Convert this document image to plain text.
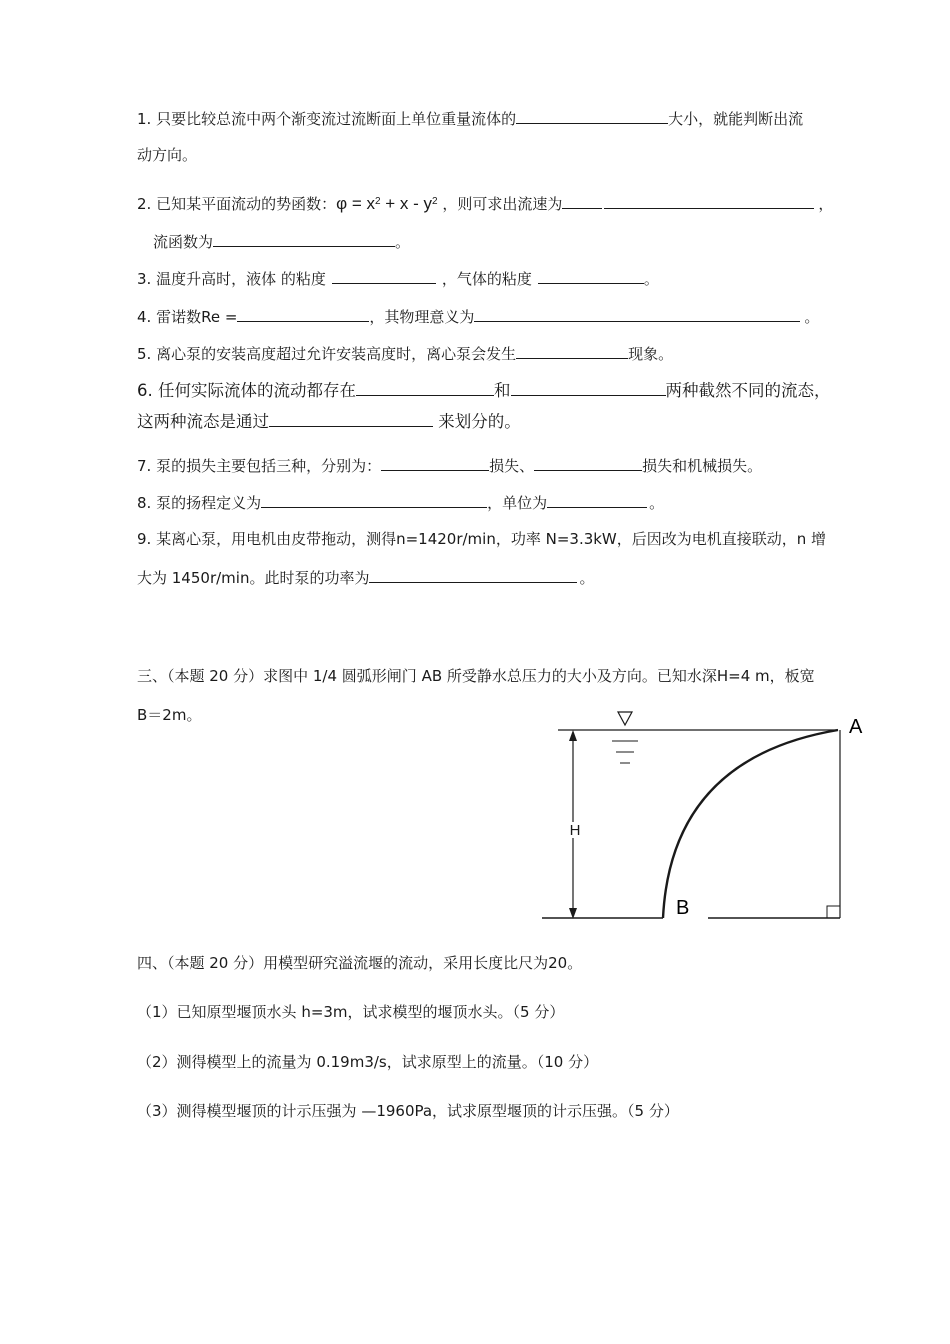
1. 只要比较总流中两个渐变流过流断面上单位重量流体的	大小，就能判断出流
动方向。
2. 已知某平面流动的势函数：$\varphi = x^2 + x - y^2$ ，则可求出流速为	，
流函数为	。
3. 温度升高时，液体 的粘度	，气体的粘度	。
4. 雷诺数Re =	，其物理意义为	。
5. 离心泵的安装高度超过允许安装高度时，离心泵会发生	现象。
6. 任何实际流体的流动都存在	和	两种截然不同的流态，
这两种流态是通过	来划分的。
7. 泵的损失主要包括三种，分别为：	损失、	损失和机械损失。
8. 泵的扬程定义为	，单位为	。
9. 某离心泵，用电机由皮带拖动，测得n=1420r/min，功率 N=3.3kW，后因改为电机直接联动，n 增
大为 1450r/min。此时泵的功率为	。
三、（本题 20 分）求图中 1/4 圆弧形闸门 AB 所受静水总压力的大小及方向。已知水深H=4 m，板宽
B＝2m。
H
A
B
四、（本题 20 分）用模型研究溢流堰的流动，采用长度比尺为20。
（1）已知原型堰顶水头 h=3m，试求模型的堰顶水头。（5 分）
（2）测得模型上的流量为 0.19m3/s，试求原型上的流量。（10 分）
（3）测得模型堰顶的计示压强为 —1960Pa，试求原型堰顶的计示压强。（5 分）
